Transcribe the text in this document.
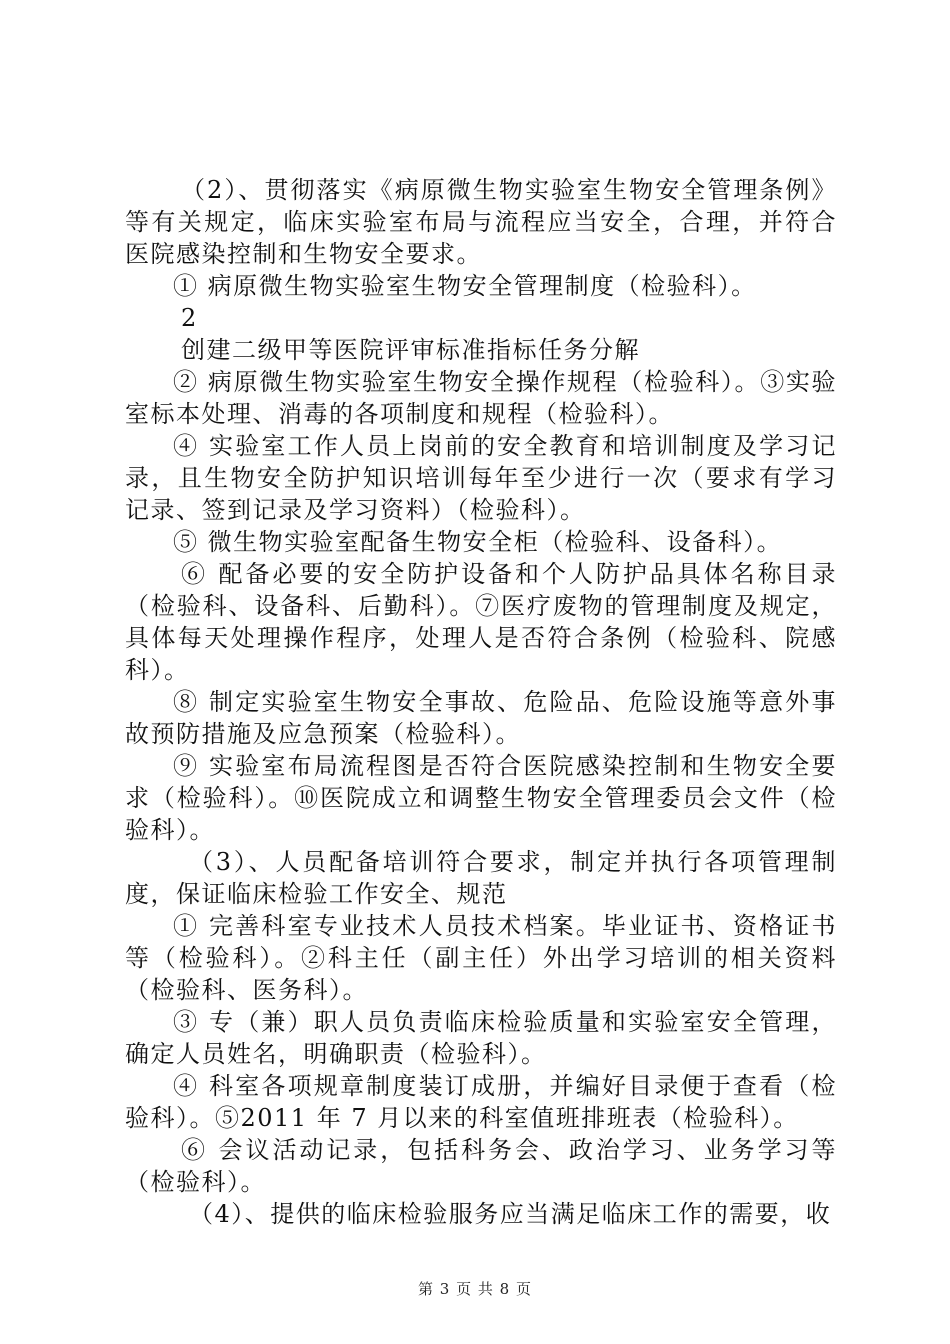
（2）、贯彻落实《病原微生物实验室生物安全管理条例》等有关规定，临床实验室布局与流程应当安全，合理，并符合医院感染控制和生物安全要求。

① 病原微生物实验室生物安全管理制度（检验科）。

2

创建二级甲等医院评审标准指标任务分解

② 病原微生物实验室生物安全操作规程（检验科）。③实验室标本处理、消毒的各项制度和规程（检验科）。

④ 实验室工作人员上岗前的安全教育和培训制度及学习记录，且生物安全防护知识培训每年至少进行一次（要求有学习记录、签到记录及学习资料）（检验科）。

⑤ 微生物实验室配备生物安全柜（检验科、设备科）。

⑥ 配备必要的安全防护设备和个人防护品具体名称目录（检验科、设备科、后勤科）。⑦医疗废物的管理制度及规定，具体每天处理操作程序，处理人是否符合条例（检验科、院感科）。

⑧ 制定实验室生物安全事故、危险品、危险设施等意外事故预防措施及应急预案（检验科）。

⑨ 实验室布局流程图是否符合医院感染控制和生物安全要求（检验科）。⑩医院成立和调整生物安全管理委员会文件（检验科）。

（3）、人员配备培训符合要求，制定并执行各项管理制度，保证临床检验工作安全、规范

① 完善科室专业技术人员技术档案。毕业证书、资格证书等（检验科）。②科主任（副主任）外出学习培训的相关资料（检验科、医务科）。

③ 专（兼）职人员负责临床检验质量和实验室安全管理，确定人员姓名，明确职责（检验科）。

④ 科室各项规章制度装订成册，并编好目录便于查看（检验科）。⑤2011 年 7 月以来的科室值班排班表（检验科）。

⑥ 会议活动记录，包括科务会、政治学习、业务学习等（检验科）。

（4）、提供的临床检验服务应当满足临床工作的需要，收

第 3 页 共 8 页
